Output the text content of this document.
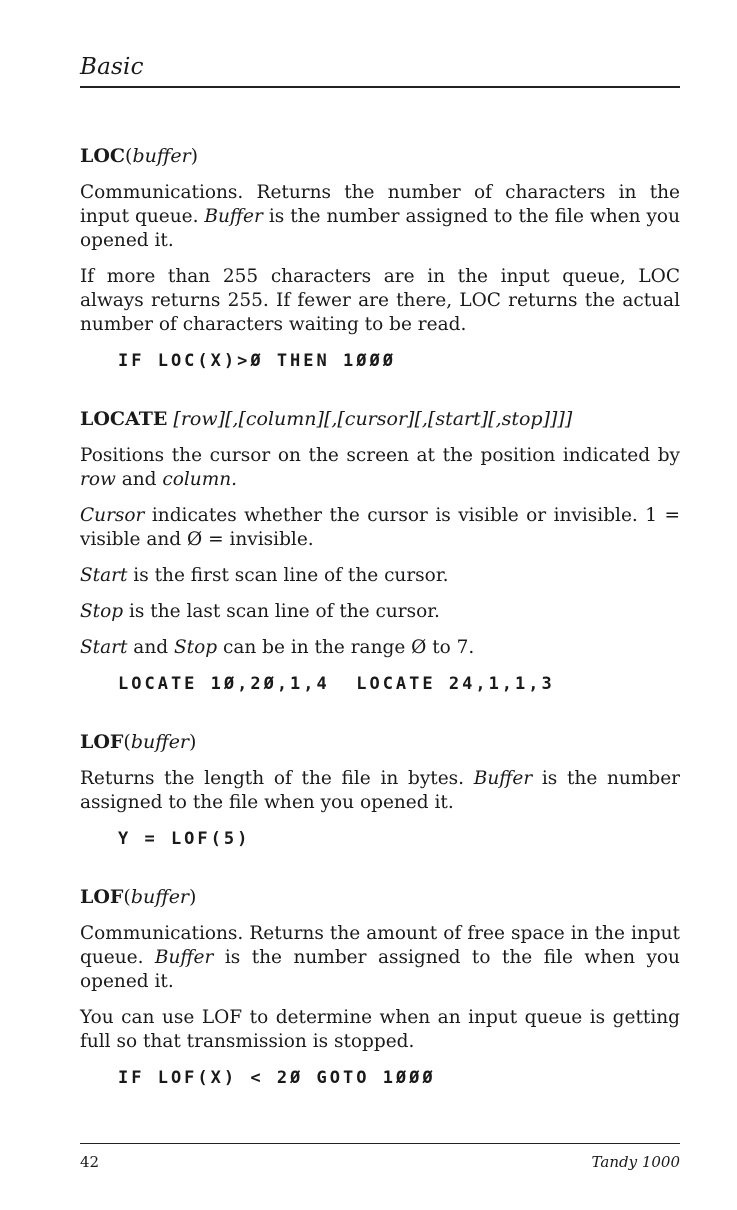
Basic
LOC(buffer)

Communications. Returns the number of characters in the input queue. Buffer is the number assigned to the file when you opened it.

If more than 255 characters are in the input queue, LOC always returns 255. If fewer are there, LOC returns the actual number of characters waiting to be read.

IF LOC(X)>Ø THEN 1ØØØ
LOCATE [row][,[column][,[cursor][,[start][,stop]]]]

Positions the cursor on the screen at the position indicated by row and column.

Cursor indicates whether the cursor is visible or invisible. 1 = visible and Ø = invisible.

Start is the first scan line of the cursor.

Stop is the last scan line of the cursor.

Start and Stop can be in the range Ø to 7.

LOCATE 1Ø,2Ø,1,4  LOCATE 24,1,1,3
LOF(buffer)

Returns the length of the file in bytes. Buffer is the number assigned to the file when you opened it.

Y = LOF(5)
LOF(buffer)

Communications. Returns the amount of free space in the input queue. Buffer is the number assigned to the file when you opened it.

You can use LOF to determine when an input queue is getting full so that transmission is stopped.

IF LOF(X) < 2Ø GOTO 1ØØØ
42	Tandy 1000
